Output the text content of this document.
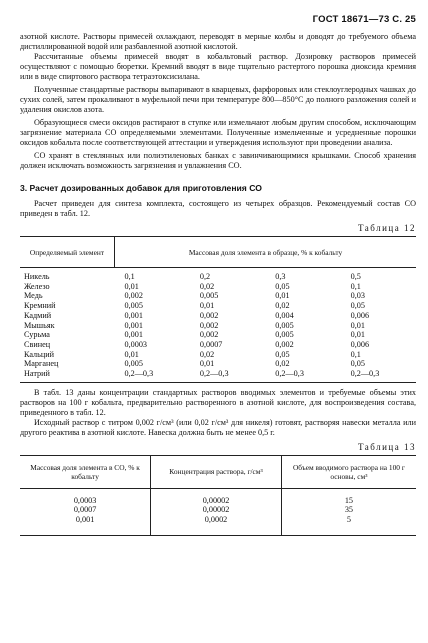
ГОСТ 18671—73 С. 25

азотной кислоте. Растворы примесей охлаждают, переводят в мерные колбы и доводят до требуемого объема дистиллированной водой или разбавленной азотной кислотой.

Рассчитанные объемы примесей вводят в кобальтовый раствор. Дозировку растворов примесей осуществляют с помощью бюретки. Кремний вводят в виде тщательно растертого порошка диоксида кремния или в виде спиртового раствора тетраэтоксисилана.

Полученные стандартные растворы выпаривают в кварцевых, фарфоровых или стеклоуглеродных чашках до сухих солей, затем прокаливают в муфельной печи при температуре 800—850°С до полного разложения солей и удаления окислов азота.

Образующиеся смеси оксидов растирают в ступке или измельчают любым другим способом, исключающим загрязнение материала СО определяемыми элементами. Полученные измельченные и усредненные порошки оксидов кобальта после соответствующей аттестации и утверждения используют при проведении анализа.

СО хранят в стеклянных или полиэтиленовых банках с завинчивающимися крышками. Способ хранения должен исключать возможность загрязнения и увлажнения СО.

3. Расчет дозированных добавок для приготовления СО

Расчет приведен для синтеза комплекта, состоящего из четырех образцов. Рекомендуемый состав СО приведен в табл. 12.

Таблица 12
Определяемый элемент	Массовая доля элемента в образце, % к кобальту			
Никель	0,1	0,2	0,3	0,5
Железо	0,01	0,02	0,05	0,1
Медь	0,002	0,005	0,01	0,03
Кремний	0,005	0,01	0,02	0,05
Кадмий	0,001	0,002	0,004	0,006
Мышьяк	0,001	0,002	0,005	0,01
Сурьма	0,001	0,002	0,005	0,01
Свинец	0,0003	0,0007	0,002	0,006
Кальций	0,01	0,02	0,05	0,1
Марганец	0,005	0,01	0,02	0,05
Натрий	0,2—0,3	0,2—0,3	0,2—0,3	0,2—0,3

В табл. 13 даны концентрации стандартных растворов вводимых элементов и требуемые объемы этих растворов на 100 г кобальта, предварительно растворенного в азотной кислоте, для воспроизведения состава, приведенного в табл. 12.

Исходный раствор с титром 0,002 г/см³ (или 0,02 г/см³ для никеля) готовят, растворяя навески металла или другого реактива в азотной кислоте. Навеска должна быть не менее 0,5 г.

Таблица 13
Массовая доля элемента в СО, % к кобальту	Концентрация раствора, г/см³	Объем вводимого раствора на 100 г основы, см³
0,0003	0,00002	15
0,0007	0,00002	35
0,001	0,0002	5
